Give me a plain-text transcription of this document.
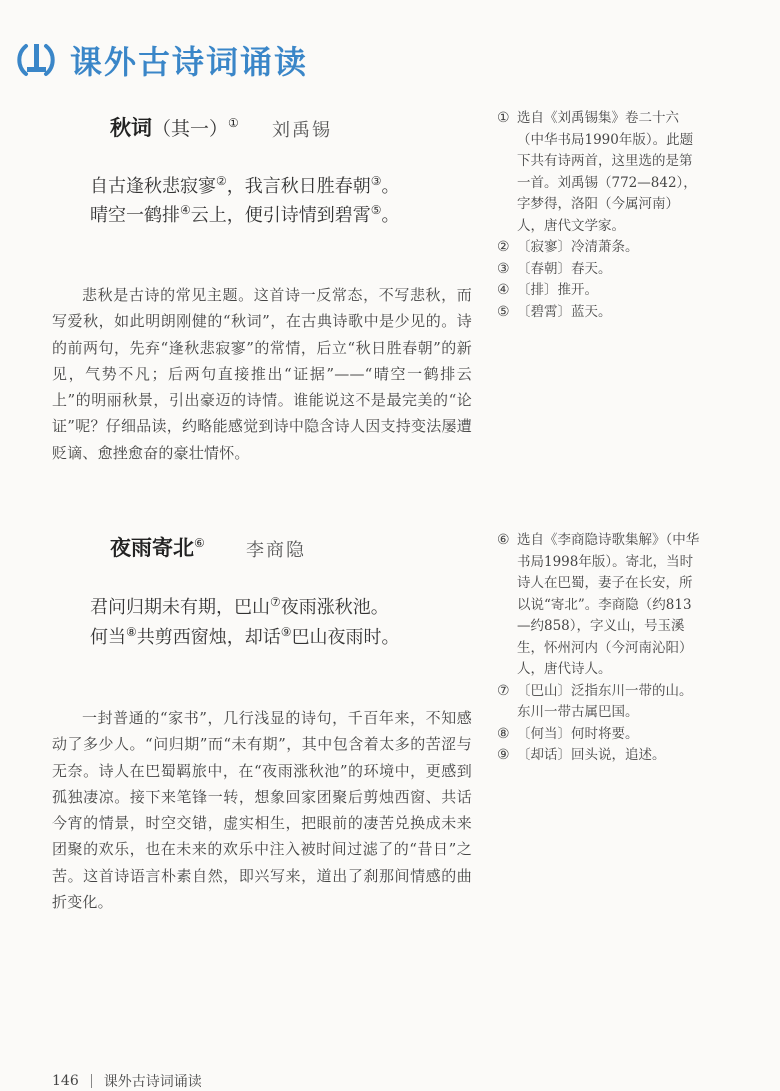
课外古诗词诵读
秋词（其一）① 刘禹锡
自古逢秋悲寂寥②，我言秋日胜春朝③。
晴空一鹤排④云上，便引诗情到碧霄⑤。

悲秋是古诗的常见主题。这首诗一反常态，不写悲秋，而写爱秋，如此明朗刚健的“秋词”，在古典诗歌中是少见的。诗的前两句，先弃“逢秋悲寂寥”的常情，后立“秋日胜春朝”的新见，气势不凡；后两句直接推出“证据”——“晴空一鹤排云上”的明丽秋景，引出豪迈的诗情。谁能说这不是最完美的“论证”呢？仔细品读，约略能感觉到诗中隐含诗人因支持变法屡遭贬谪、愈挫愈奋的豪壮情怀。

① 选自《刘禹锡集》卷二十六（中华书局1990年版）。此题下共有诗两首，这里选的是第一首。刘禹锡（772—842），字梦得，洛阳（今属河南）人，唐代文学家。
② 〔寂寥〕冷清萧条。
③ 〔春朝〕春天。
④ 〔排〕推开。
⑤ 〔碧霄〕蓝天。
夜雨寄北⑥ 李商隐
君问归期未有期，巴山⑦夜雨涨秋池。
何当⑧共剪西窗烛，却话⑨巴山夜雨时。

一封普通的“家书”，几行浅显的诗句，千百年来，不知感动了多少人。“问归期”而“未有期”，其中包含着太多的苦涩与无奈。诗人在巴蜀羁旅中，在“夜雨涨秋池”的环境中，更感到孤独凄凉。接下来笔锋一转，想象回家团聚后剪烛西窗、共话今宵的情景，时空交错，虚实相生，把眼前的凄苦兑换成未来团聚的欢乐，也在未来的欢乐中注入被时间过滤了的“昔日”之苦。这首诗语言朴素自然，即兴写来，道出了刹那间情感的曲折变化。

⑥ 选自《李商隐诗歌集解》（中华书局1998年版）。寄北，当时诗人在巴蜀，妻子在长安，所以说“寄北”。李商隐（约813—约858），字义山，号玉溪生，怀州河内（今河南沁阳）人，唐代诗人。
⑦ 〔巴山〕泛指东川一带的山。东川一带古属巴国。
⑧ 〔何当〕何时将要。
⑨ 〔却话〕回头说，追述。
146 课外古诗词诵读
